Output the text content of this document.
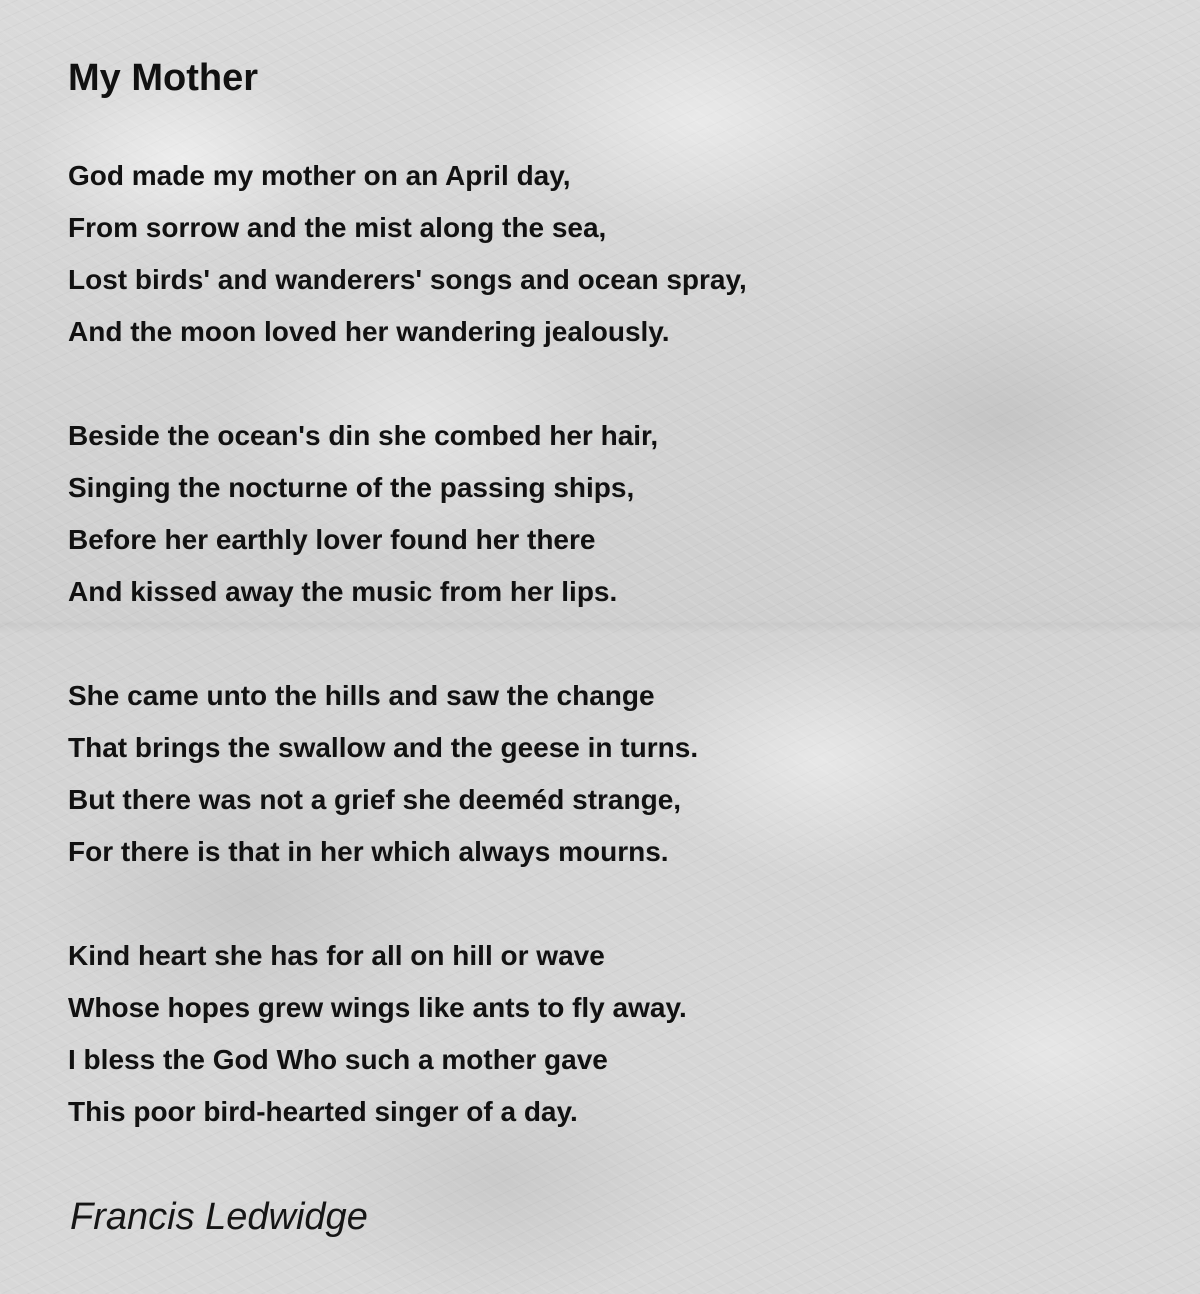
My Mother
God made my mother on an April day,
From sorrow and the mist along the sea,
Lost birds' and wanderers' songs and ocean spray,
And the moon loved her wandering jealously.
Beside the ocean's din she combed her hair,
Singing the nocturne of the passing ships,
Before her earthly lover found her there
And kissed away the music from her lips.
She came unto the hills and saw the change
That brings the swallow and the geese in turns.
But there was not a grief she deeméd strange,
For there is that in her which always mourns.
Kind heart she has for all on hill or wave
Whose hopes grew wings like ants to fly away.
I bless the God Who such a mother gave
This poor bird-hearted singer of a day.
Francis Ledwidge
